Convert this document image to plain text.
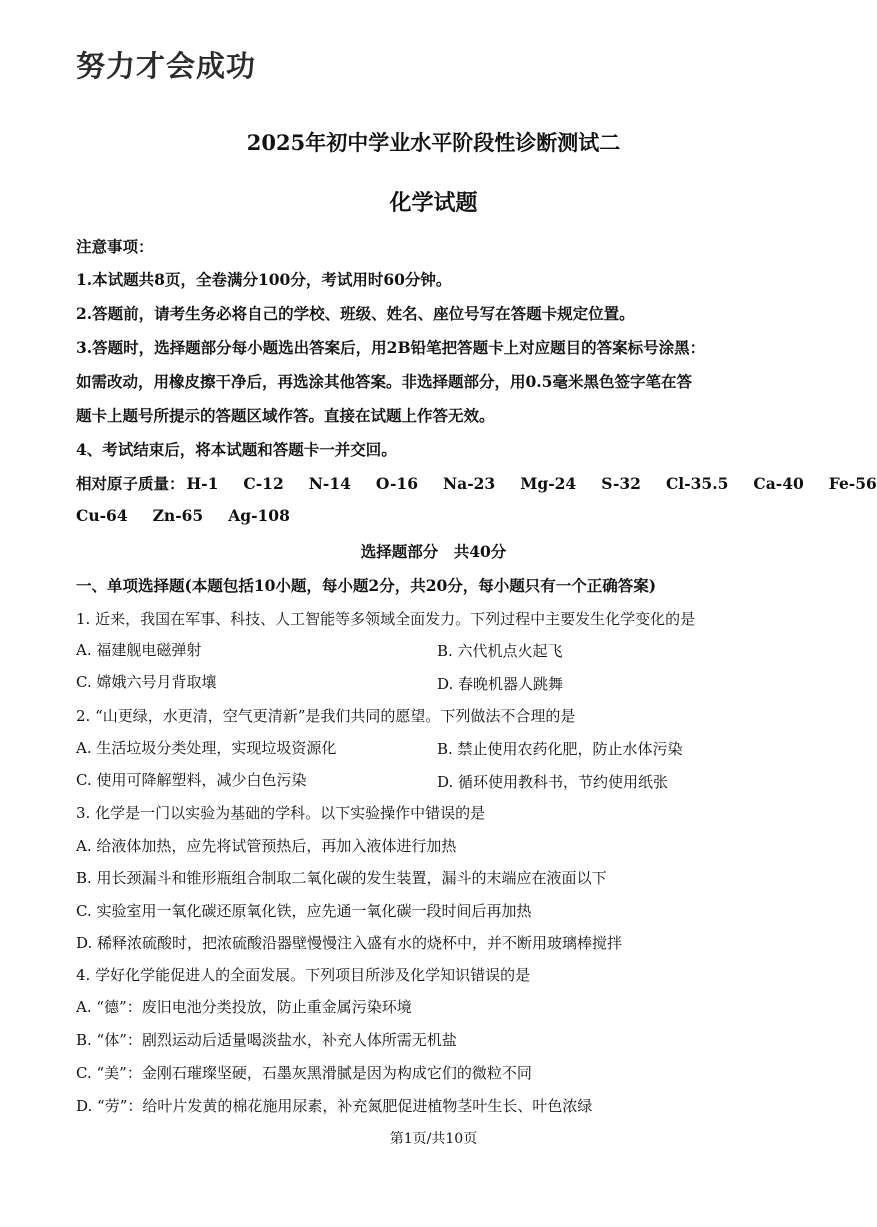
努力才会成功
2025年初中学业水平阶段性诊断测试二
化学试题
注意事项：
1.本试题共8页，全卷满分100分，考试用时60分钟。
2.答题前，请考生务必将自己的学校、班级、姓名、座位号写在答题卡规定位置。
3.答题时，选择题部分每小题选出答案后，用2B铅笔把答题卡上对应题目的答案标号涂黑：
如需改动，用橡皮擦干净后，再选涂其他答案。非选择题部分，用0.5毫米黑色签字笔在答
题卡上题号所提示的答题区域作答。直接在试题上作答无效。
4、考试结束后，将本试题和答题卡一并交回。
相对原子质量： H-1 C-12 N-14 O-16 Na-23 Mg-24 S-32 Cl-35.5 Ca-40 Fe-56
Cu-64 Zn-65 Ag-108
选择题部分　共40分
一、单项选择题(本题包括10小题，每小题2分，共20分，每小题只有一个正确答案)
1. 近来，我国在军事、科技、人工智能等多领域全面发力。下列过程中主要发生化学变化的是
A. 福建舰电磁弹射	B. 六代机点火起飞
C. 嫦娥六号月背取壤	D. 春晚机器人跳舞
2. “山更绿，水更清，空气更清新”是我们共同的愿望。下列做法不合理的是
A. 生活垃圾分类处理，实现垃圾资源化	B. 禁止使用农药化肥，防止水体污染
C. 使用可降解塑料，减少白色污染	D. 循环使用教科书，节约使用纸张
3. 化学是一门以实验为基础的学科。以下实验操作中错误的是
A. 给液体加热，应先将试管预热后，再加入液体进行加热
B. 用长颈漏斗和锥形瓶组合制取二氧化碳的发生装置，漏斗的末端应在液面以下
C. 实验室用一氧化碳还原氧化铁，应先通一氧化碳一段时间后再加热
D. 稀释浓硫酸时，把浓硫酸沿器壁慢慢注入盛有水的烧杯中，并不断用玻璃棒搅拌
4. 学好化学能促进人的全面发展。下列项目所涉及化学知识错误的是
A. “德”：废旧电池分类投放，防止重金属污染环境
B. “体”：剧烈运动后适量喝淡盐水，补充人体所需无机盐
C. “美”：金刚石璀璨坚硬，石墨灰黑滑腻是因为构成它们的微粒不同
D. “劳”：给叶片发黄的棉花施用尿素，补充氮肥促进植物茎叶生长、叶色浓绿
第1页/共10页
